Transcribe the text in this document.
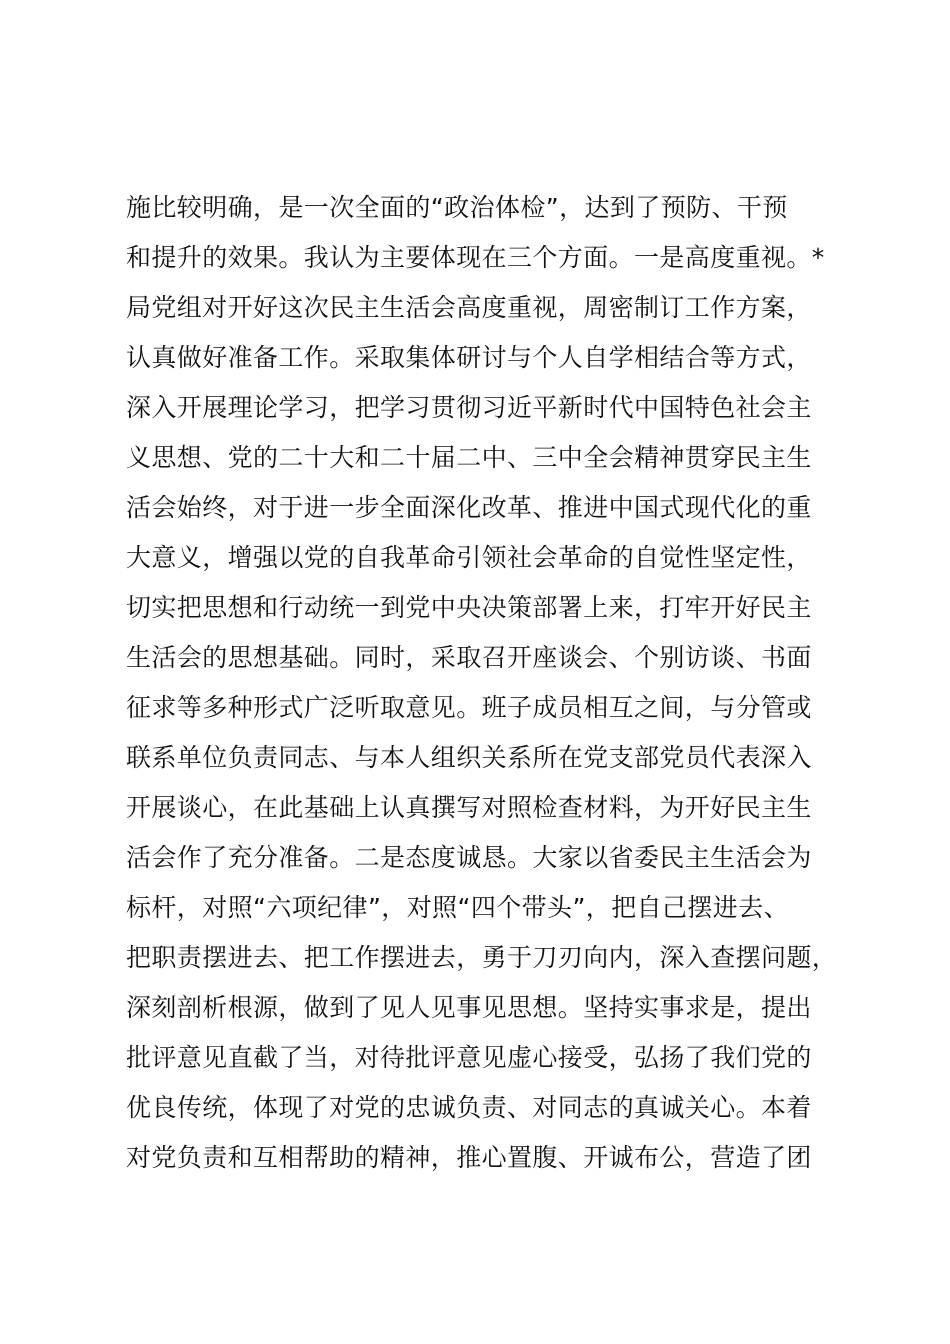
施比较明确，是一次全面的“政治体检”，达到了预防、干预
和提升的效果。我认为主要体现在三个方面。一是高度重视。*
局党组对开好这次民主生活会高度重视，周密制订工作方案，
认真做好准备工作。采取集体研讨与个人自学相结合等方式，
深入开展理论学习，把学习贯彻习近平新时代中国特色社会主
义思想、党的二十大和二十届二中、三中全会精神贯穿民主生
活会始终，对于进一步全面深化改革、推进中国式现代化的重
大意义，增强以党的自我革命引领社会革命的自觉性坚定性，
切实把思想和行动统一到党中央决策部署上来，打牢开好民主
生活会的思想基础。同时，采取召开座谈会、个别访谈、书面
征求等多种形式广泛听取意见。班子成员相互之间，与分管或
联系单位负责同志、与本人组织关系所在党支部党员代表深入
开展谈心，在此基础上认真撰写对照检查材料，为开好民主生
活会作了充分准备。二是态度诚恳。大家以省委民主生活会为
标杆，对照“六项纪律”，对照“四个带头”，把自己摆进去、
把职责摆进去、把工作摆进去，勇于刀刃向内，深入查摆问题，
深刻剖析根源，做到了见人见事见思想。坚持实事求是，提出
批评意见直截了当，对待批评意见虚心接受，弘扬了我们党的
优良传统，体现了对党的忠诚负责、对同志的真诚关心。本着
对党负责和互相帮助的精神，推心置腹、开诚布公，营造了团
